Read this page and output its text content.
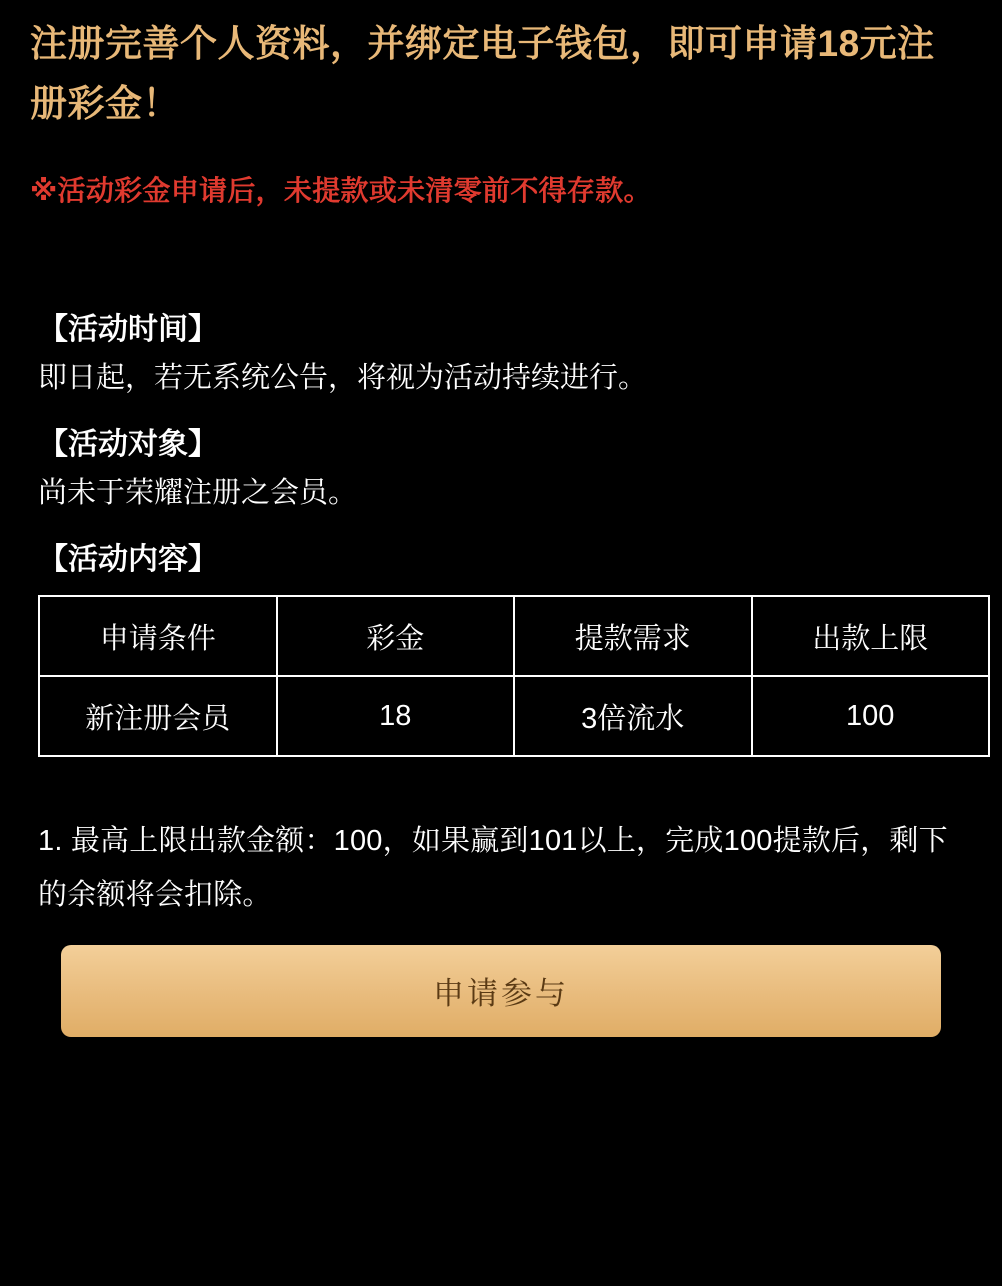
注册完善个人资料，并绑定电子钱包，即可申请18元注册彩金！

※活动彩金申请后，未提款或未清零前不得存款。

【活动时间】
即日起，若无系统公告，将视为活动持续进行。
【活动对象】
尚未于荣耀注册之会员。
【活动内容】
申请条件	彩金	提款需求	出款上限
新注册会员	18	3倍流水	100

1. 最高上限出款金额：100，如果赢到101以上，完成100提款后，剩下的余额将会扣除。

申请参与
